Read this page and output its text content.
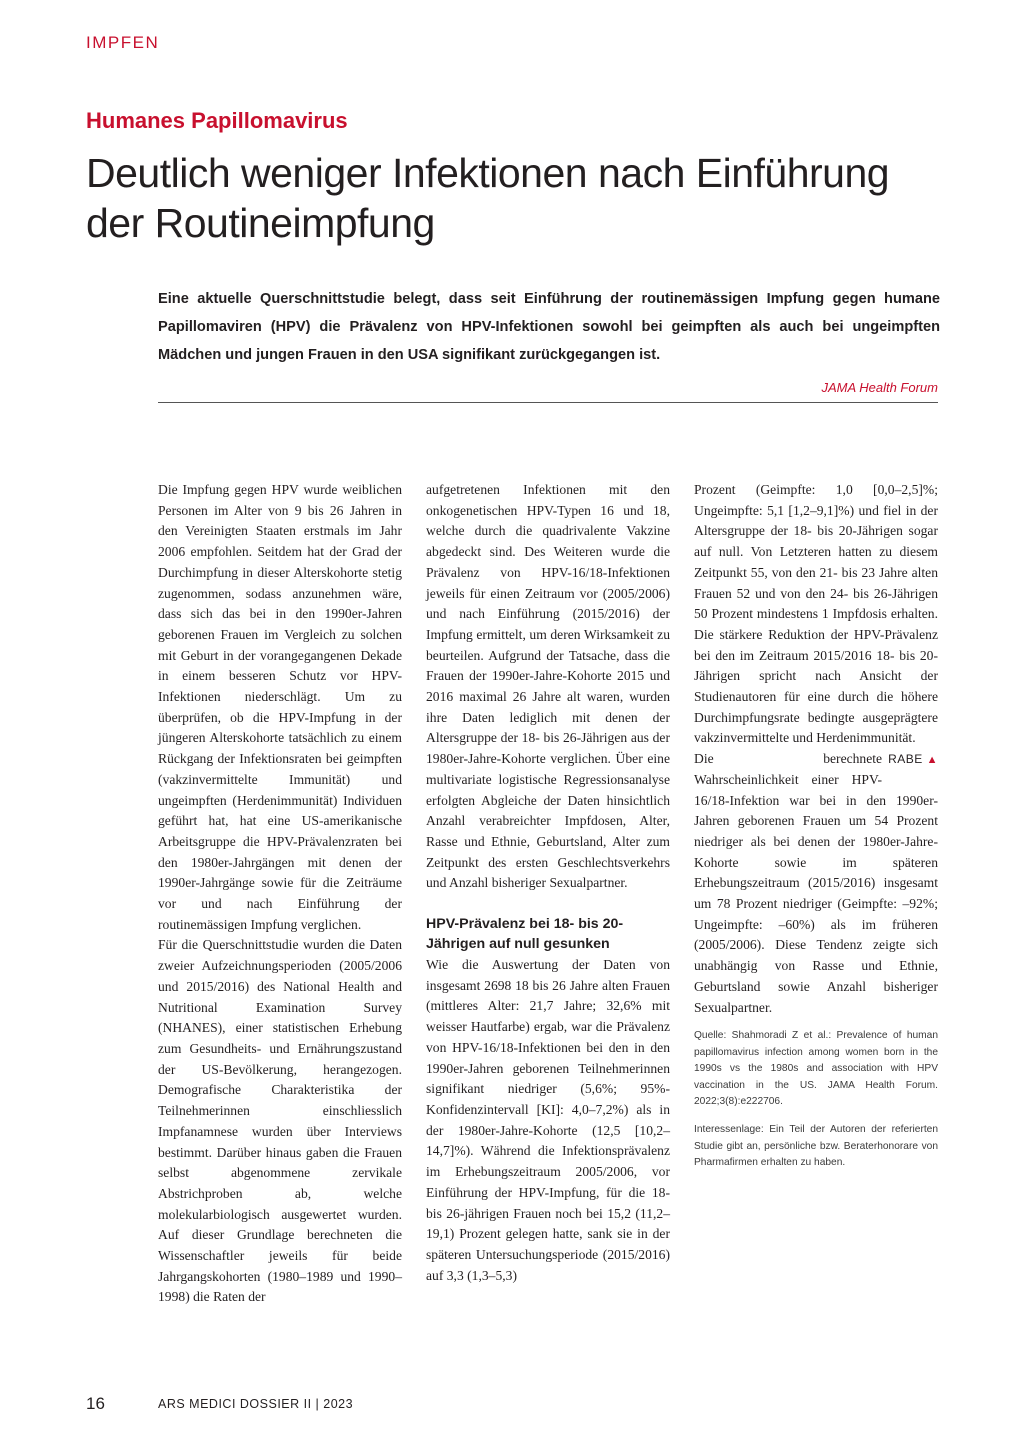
IMPFEN
Humanes Papillomavirus
Deutlich weniger Infektionen nach Einführung der Routineimpfung

Eine aktuelle Querschnittstudie belegt, dass seit Einführung der routinemässigen Impfung gegen humane Papillomaviren (HPV) die Prävalenz von HPV-Infektionen sowohl bei geimpften als auch bei ungeimpften Mädchen und jungen Frauen in den USA signifikant zurückgegangen ist.

JAMA Health Forum

Die Impfung gegen HPV wurde weiblichen Personen im Alter von 9 bis 26 Jahren in den Vereinigten Staaten erstmals im Jahr 2006 empfohlen. Seitdem hat der Grad der Durchimpfung in dieser Alterskohorte stetig zugenommen, sodass anzunehmen wäre, dass sich das bei in den 1990er-Jahren geborenen Frauen im Vergleich zu solchen mit Geburt in der vorangegangenen Dekade in einem besseren Schutz vor HPV-Infektionen niederschlägt. Um zu überprüfen, ob die HPV-Impfung in der jüngeren Alterskohorte tatsächlich zu einem Rückgang der Infektionsraten bei geimpften (vakzinvermittelte Immunität) und ungeimpften (Herdenimmunität) Individuen geführt hat, hat eine US-amerikanische Arbeitsgruppe die HPV-Prävalenzraten bei den 1980er-Jahrgängen mit denen der 1990er-Jahrgänge sowie für die Zeiträume vor und nach Einführung der routinemässigen Impfung verglichen.

Für die Querschnittstudie wurden die Daten zweier Aufzeichnungsperioden (2005/2006 und 2015/2016) des National Health and Nutritional Examination Survey (NHANES), einer statistischen Erhebung zum Gesundheits- und Ernährungszustand der US-Bevölkerung, herangezogen. Demografische Charakteristika der Teilnehmerinnen einschliesslich Impfanamnese wurden über Interviews bestimmt. Darüber hinaus gaben die Frauen selbst abgenommene zervikale Abstrichproben ab, welche molekularbiologisch ausgewertet wurden. Auf dieser Grundlage berechneten die Wissenschaftler jeweils für beide Jahrgangskohorten (1980–1989 und 1990–1998) die Raten der

aufgetretenen Infektionen mit den onkogenetischen HPV-Typen 16 und 18, welche durch die quadrivalente Vakzine abgedeckt sind. Des Weiteren wurde die Prävalenz von HPV-16/18-Infektionen jeweils für einen Zeitraum vor (2005/2006) und nach Einführung (2015/2016) der Impfung ermittelt, um deren Wirksamkeit zu beurteilen. Aufgrund der Tatsache, dass die Frauen der 1990er-Jahre-Kohorte 2015 und 2016 maximal 26 Jahre alt waren, wurden ihre Daten lediglich mit denen der Altersgruppe der 18- bis 26-Jährigen aus der 1980er-Jahre-Kohorte verglichen. Über eine multivariate logistische Regressionsanalyse erfolgten Abgleiche der Daten hinsichtlich Anzahl verabreichter Impfdosen, Alter, Rasse und Ethnie, Geburtsland, Alter zum Zeitpunkt des ersten Geschlechtsverkehrs und Anzahl bisheriger Sexualpartner.

HPV-Prävalenz bei 18- bis 20-Jährigen auf null gesunken

Wie die Auswertung der Daten von insgesamt 2698 18 bis 26 Jahre alten Frauen (mittleres Alter: 21,7 Jahre; 32,6% mit weisser Hautfarbe) ergab, war die Prävalenz von HPV-16/18-Infektionen bei den in den 1990er-Jahren geborenen Teilnehmerinnen signifikant niedriger (5,6%; 95%-Konfidenzintervall [KI]: 4,0–7,2%) als in der 1980er-Jahre-Kohorte (12,5 [10,2–14,7]%). Während die Infektionsprävalenz im Erhebungszeitraum 2005/2006, vor Einführung der HPV-Impfung, für die 18- bis 26-jährigen Frauen noch bei 15,2 (11,2–19,1) Prozent gelegen hatte, sank sie in der späteren Untersuchungsperiode (2015/2016) auf 3,3 (1,3–5,3)

Prozent (Geimpfte: 1,0 [0,0–2,5]%; Ungeimpfte: 5,1 [1,2–9,1]%) und fiel in der Altersgruppe der 18- bis 20-Jährigen sogar auf null. Von Letzteren hatten zu diesem Zeitpunkt 55, von den 21- bis 23 Jahre alten Frauen 52 und von den 24- bis 26-Jährigen 50 Prozent mindestens 1 Impfdosis erhalten. Die stärkere Reduktion der HPV-Prävalenz bei den im Zeitraum 2015/2016 18- bis 20-Jährigen spricht nach Ansicht der Studienautoren für eine durch die höhere Durchimpfungsrate bedingte ausgeprägtere vakzinvermittelte und Herdenimmunität.

RABE ▲
Die berechnete Wahrscheinlichkeit einer HPV-16/18-Infektion war bei in den 1990er-Jahren geborenen Frauen um 54 Prozent niedriger als bei denen der 1980er-Jahre-Kohorte sowie im späteren Erhebungszeitraum (2015/2016) insgesamt um 78 Prozent niedriger (Geimpfte: –92%; Ungeimpfte: –60%) als im früheren (2005/2006). Diese Tendenz zeigte sich unabhängig von Rasse und Ethnie, Geburtsland sowie Anzahl bisheriger Sexualpartner.

Quelle: Shahmoradi Z et al.: Prevalence of human papillomavirus infection among women born in the 1990s vs the 1980s and association with HPV vaccination in the US. JAMA Health Forum. 2022;3(8):e222706.

Interessenlage: Ein Teil der Autoren der referierten Studie gibt an, persönliche bzw. Beraterhonorare von Pharmafirmen erhalten zu haben.

16	ARS MEDICI DOSSIER II | 2023
